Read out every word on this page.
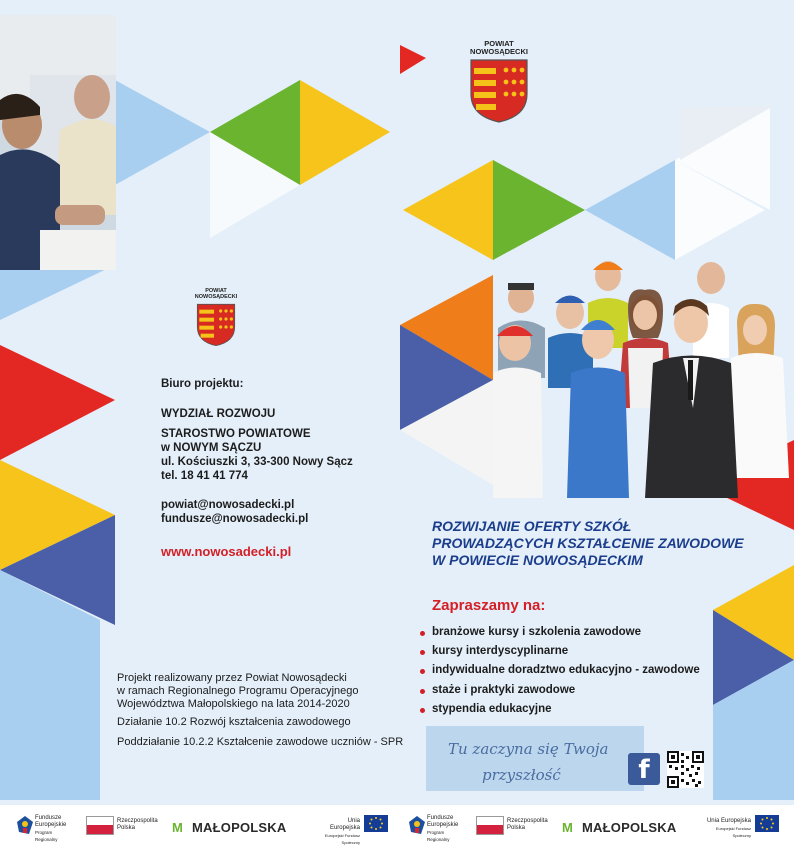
POWIAT
NOWOSĄDECKI
POWIAT
NOWOSĄDECKI
Biuro projektu:
WYDZIAŁ ROZWOJU
STAROSTWO POWIATOWE
w NOWYM SĄCZU
ul. Kościuszki 3, 33-300 Nowy Sącz
tel. 18 41 41 774
powiat@nowosadecki.pl
fundusze@nowosadecki.pl
www.nowosadecki.pl
Projekt realizowany przez Powiat Nowosądecki
w ramach Regionalnego Programu Operacyjnego
Województwa Małopolskiego na lata 2014-2020
Działanie 10.2 Rozwój kształcenia zawodowego
Poddziałanie 10.2.2 Kształcenie zawodowe uczniów - SPR
ROZWIJANIE OFERTY SZKÓŁ
PROWADZĄCYCH KSZTAŁCENIE ZAWODOWE
W POWIECIE NOWOSĄDECKIM
Zapraszamy na:
branżowe kursy i szkolenia zawodowe
kursy interdyscyplinarne
indywidualne doradztwo edukacyjno - zawodowe
staże i praktyki zawodowe
stypendia edukacyjne
Tu zaczyna się Twoja
przyszłość	f
Fundusze
Europejskie
Program Regionalny
Rzeczpospolita
Polska	M MAŁOPOLSKA	Unia Europejska
Europejski Fundusz Społeczny
Fundusze
Europejskie
Program Regionalny
Rzeczpospolita
Polska	M MAŁOPOLSKA	Unia Europejska
Europejski Fundusz Społeczny
